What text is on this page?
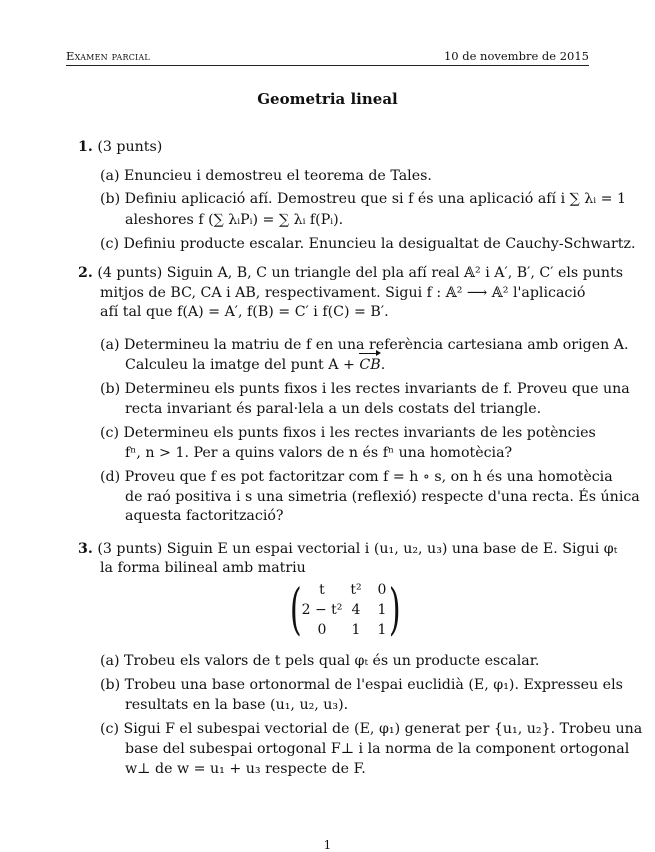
Examen parcial	10 de novembre de 2015
Geometria lineal
1. (3 punts)
(a) Enuncieu i demostreu el teorema de Tales.
(b) Definiu aplicació afí. Demostreu que si f és una aplicació afí i ∑ λᵢ = 1
aleshores f (∑ λᵢPᵢ) = ∑ λᵢ f(Pᵢ).
(c) Definiu producte escalar. Enuncieu la desigualtat de Cauchy-Schwartz.
2. (4 punts) Siguin A, B, C un triangle del pla afí real 𝔸² i A′, B′, C′ els punts
mitjos de BC, CA i AB, respectivament. Sigui f : 𝔸² ⟶ 𝔸² l'aplicació
afí tal que f(A) = A′, f(B) = C′ i f(C) = B′.
(a) Determineu la matriu de f en una referència cartesiana amb origen A.
Calculeu la imatge del punt A + CB.
(b) Determineu els punts fixos i les rectes invariants de f. Proveu que una
recta invariant és paral·lela a un dels costats del triangle.
(c) Determineu els punts fixos i les rectes invariants de les potències
fⁿ, n > 1. Per a quins valors de n és fⁿ una homotècia?
(d) Proveu que f es pot factoritzar com f = h ∘ s, on h és una homotècia
de raó positiva i s una simetria (reflexió) respecte d'una recta. És única
aquesta factorització?
3. (3 punts) Siguin E un espai vectorial i (u₁, u₂, u₃) una base de E. Sigui φₜ
la forma bilineal amb matriu
( )
t	t²	0
2 − t² 4	1
0	1	1
(a) Trobeu els valors de t pels qual φₜ és un producte escalar.
(b) Trobeu una base ortonormal de l'espai euclidià (E, φ₁). Expresseu els
resultats en la base (u₁, u₂, u₃).
(c) Sigui F el subespai vectorial de (E, φ₁) generat per {u₁, u₂}. Trobeu una
base del subespai ortogonal F⊥ i la norma de la component ortogonal
w⊥ de w = u₁ + u₃ respecte de F.
1
